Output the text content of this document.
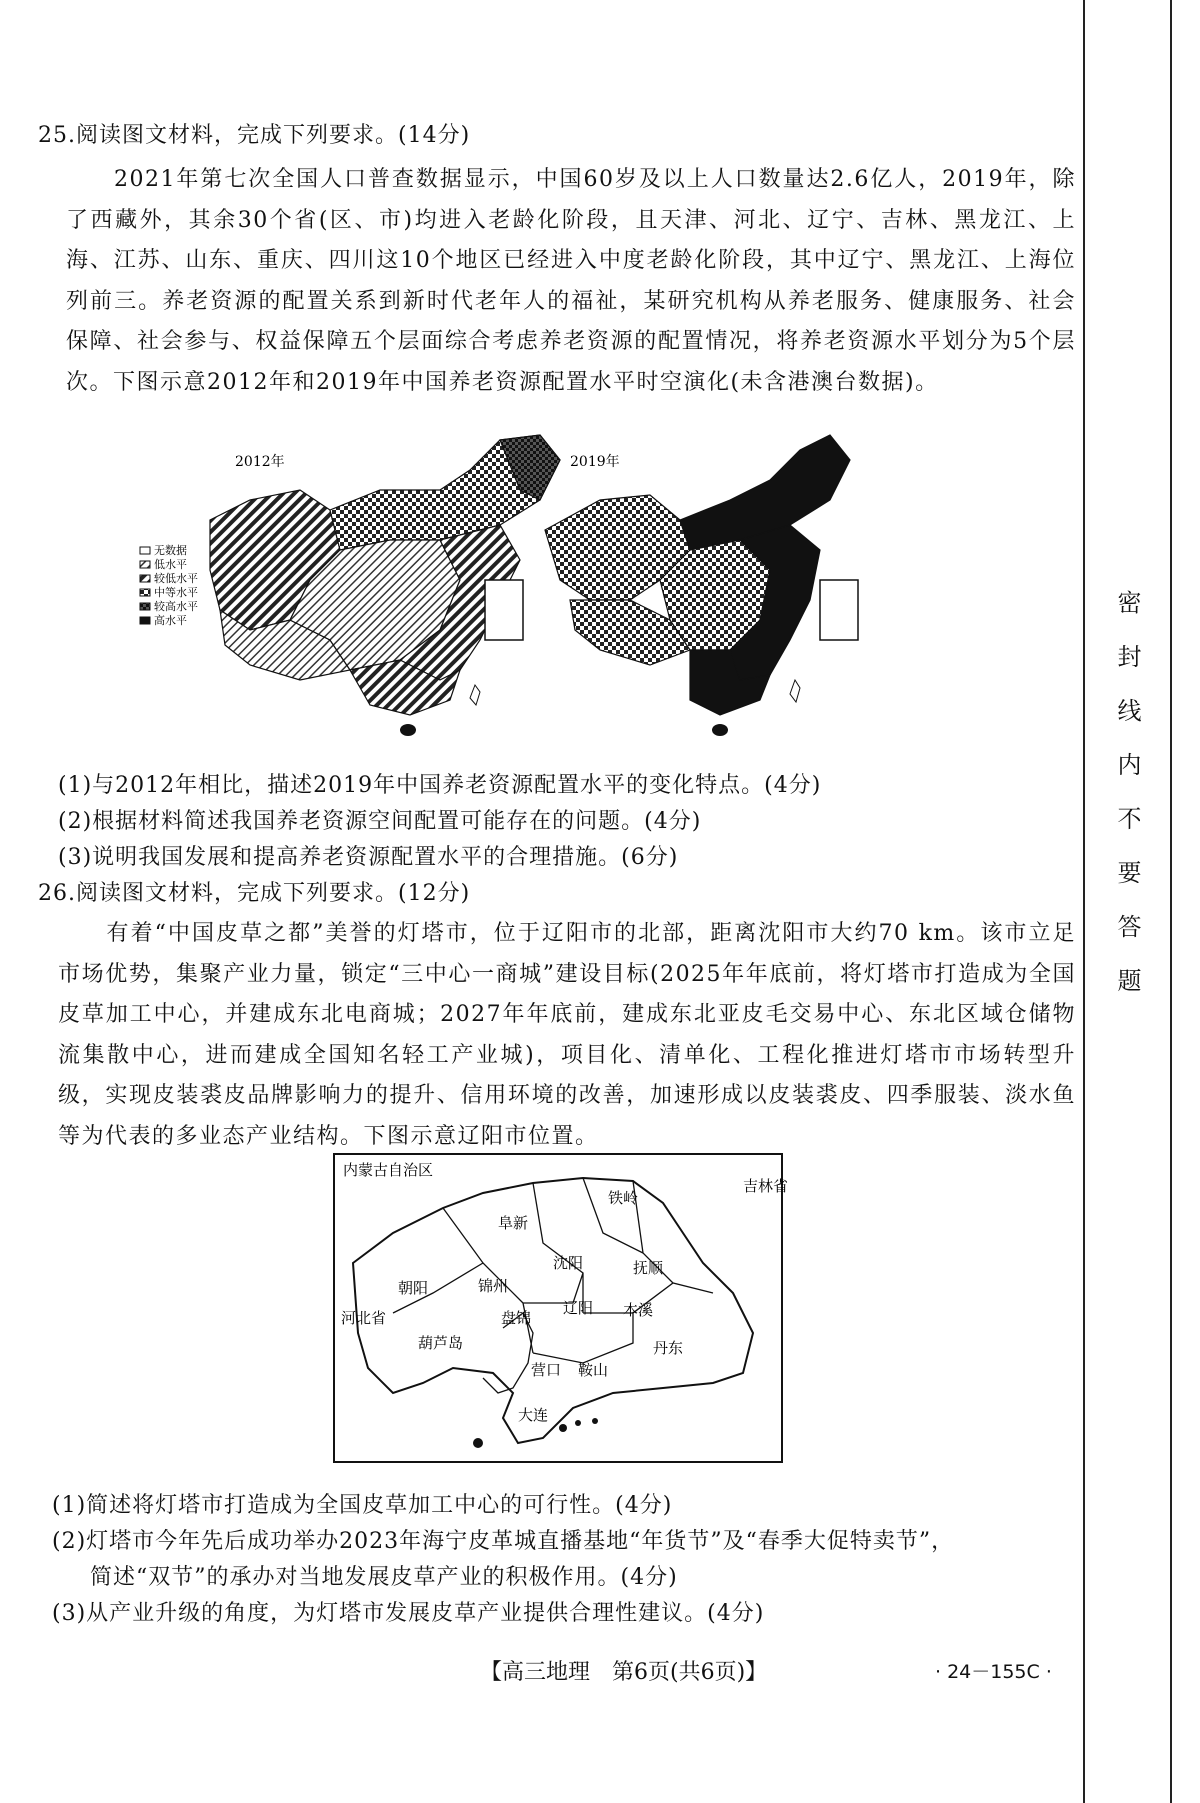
密封线内不要答题
25.阅读图文材料，完成下列要求。(14分)
2021年第七次全国人口普查数据显示，中国60岁及以上人口数量达2.6亿人，2019年，除了西藏外，其余30个省(区、市)均进入老龄化阶段，且天津、河北、辽宁、吉林、黑龙江、上海、江苏、山东、重庆、四川这10个地区已经进入中度老龄化阶段，其中辽宁、黑龙江、上海位列前三。养老资源的配置关系到新时代老年人的福祉，某研究机构从养老服务、健康服务、社会保障、社会参与、权益保障五个层面综合考虑养老资源的配置情况，将养老资源水平划分为5个层次。下图示意2012年和2019年中国养老资源配置水平时空演化(未含港澳台数据)。
2012年
无数据
低水平
较低水平
中等水平
较高水平
高水平
2019年
(1)与2012年相比，描述2019年中国养老资源配置水平的变化特点。(4分)
(2)根据材料简述我国养老资源空间配置可能存在的问题。(4分)
(3)说明我国发展和提高养老资源配置水平的合理措施。(6分)
26.阅读图文材料，完成下列要求。(12分)
有着“中国皮草之都”美誉的灯塔市，位于辽阳市的北部，距离沈阳市大约70 km。该市立足市场优势，集聚产业力量，锁定“三中心一商城”建设目标(2025年年底前，将灯塔市打造成为全国皮草加工中心，并建成东北电商城；2027年年底前，建成东北亚皮毛交易中心、东北区域仓储物流集散中心，进而建成全国知名轻工产业城)，项目化、清单化、工程化推进灯塔市市场转型升级，实现皮装裘皮品牌影响力的提升、信用环境的改善，加速形成以皮装裘皮、四季服装、淡水鱼等为代表的多业态产业结构。下图示意辽阳市位置。
内蒙古自治区
吉林省
河北省
阜新
铁岭
沈阳	抚顺
朝阳	锦州
盘锦
辽阳 本溪
葫芦岛
营口 鞍山
丹东
大连
(1)简述将灯塔市打造成为全国皮草加工中心的可行性。(4分)
(2)灯塔市今年先后成功举办2023年海宁皮革城直播基地“年货节”及“春季大促特卖节”，
简述“双节”的承办对当地发展皮草产业的积极作用。(4分)
(3)从产业升级的角度，为灯塔市发展皮草产业提供合理性建议。(4分)
【高三地理　第6页(共6页)】	· 24－155C ·
